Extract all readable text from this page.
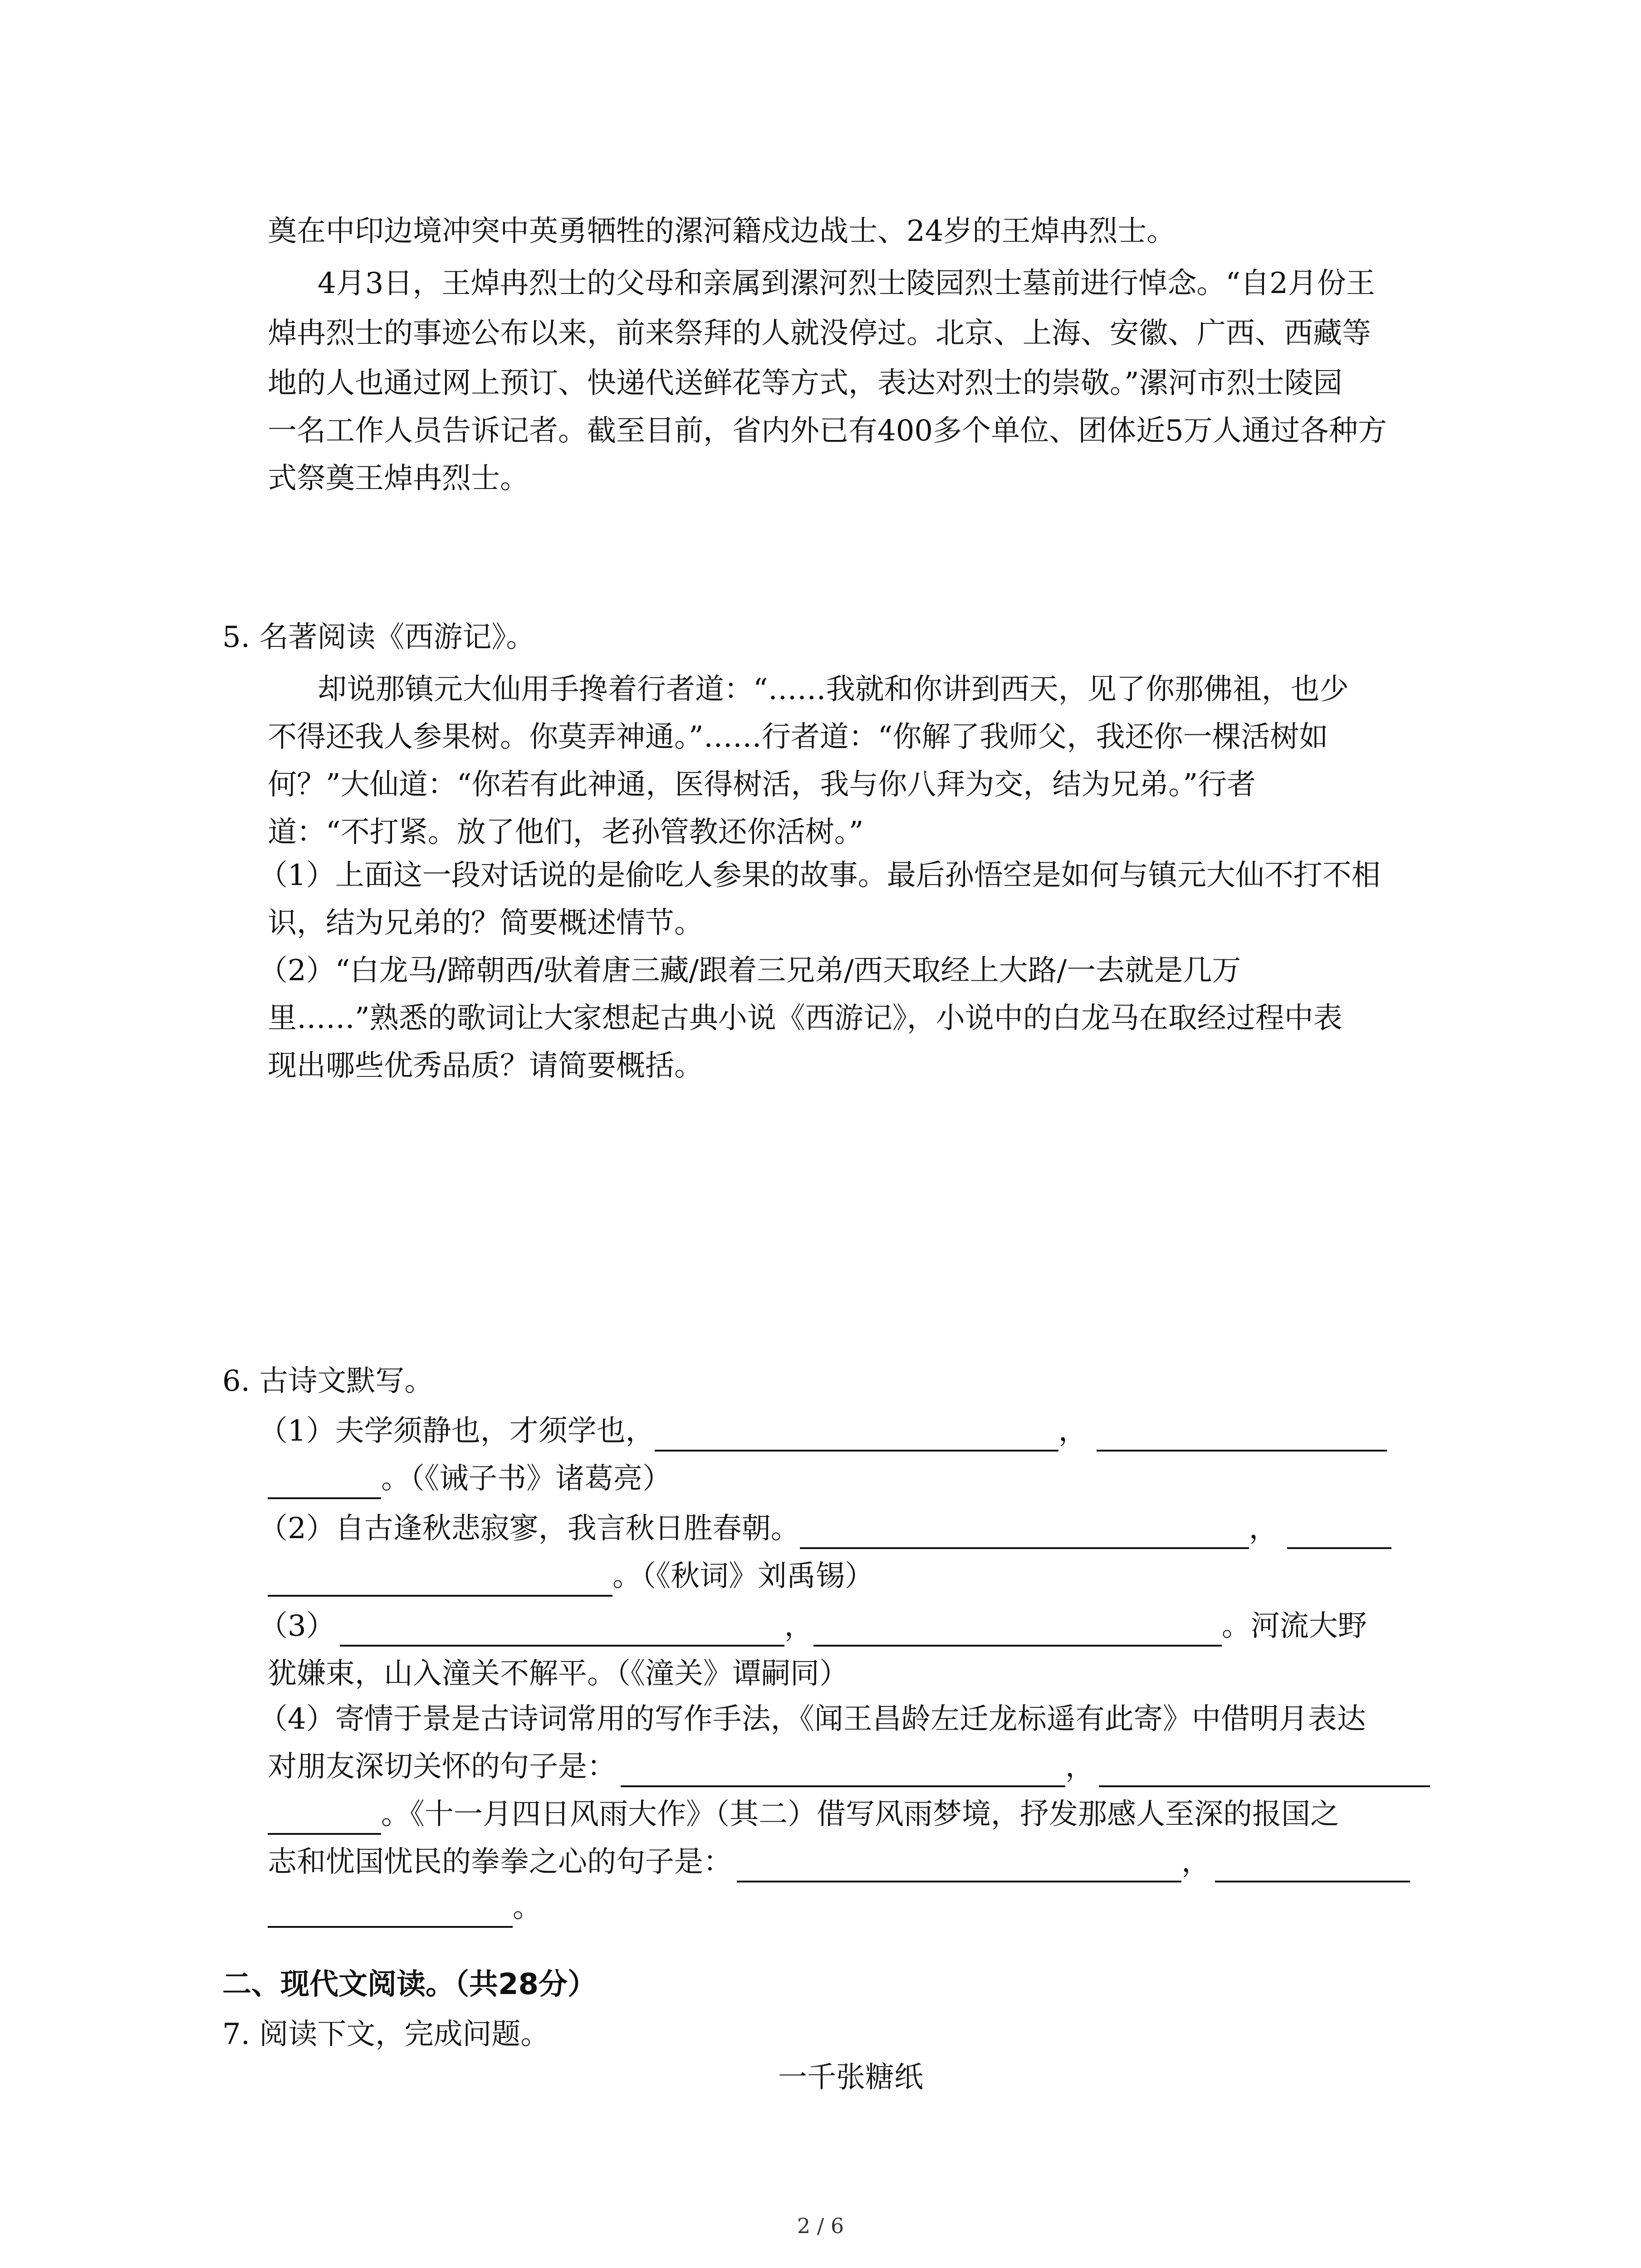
奠在中印边境冲突中英勇牺牲的漯河籍戍边战士、24岁的王焯冉烈士。
4月3日，王焯冉烈士的父母和亲属到漯河烈士陵园烈士墓前进行悼念。“自2月份王
焯冉烈士的事迹公布以来，前来祭拜的人就没停过。北京、上海、安徽、广西、西藏等
地的人也通过网上预订、快递代送鲜花等方式，表达对烈士的崇敬。”漯河市烈士陵园
一名工作人员告诉记者。截至目前，省内外已有400多个单位、团体近5万人通过各种方
式祭奠王焯冉烈士。
5. 名著阅读《西游记》。
却说那镇元大仙用手搀着行者道：“……我就和你讲到西天，见了你那佛祖，也少
不得还我人参果树。你莫弄神通。”……行者道：“你解了我师父，我还你一棵活树如
何？”大仙道：“你若有此神通，医得树活，我与你八拜为交，结为兄弟。”行者
道：“不打紧。放了他们，老孙管教还你活树。”
（1）上面这一段对话说的是偷吃人参果的故事。最后孙悟空是如何与镇元大仙不打不相
识，结为兄弟的？简要概述情节。
（2）“白龙马/蹄朝西/驮着唐三藏/跟着三兄弟/西天取经上大路/一去就是几万
里……”熟悉的歌词让大家想起古典小说《西游记》，小说中的白龙马在取经过程中表
现出哪些优秀品质？请简要概括。
6. 古诗文默写。
（1）夫学须静也，才须学也，	，
。（《诫子书》诸葛亮）
（2）自古逢秋悲寂寥，我言秋日胜春朝。	，
。（《秋词》刘禹锡）
（3）	，	。河流大野
犹嫌束，山入潼关不解平。（《潼关》谭嗣同）
（4）寄情于景是古诗词常用的写作手法，《闻王昌龄左迁龙标遥有此寄》中借明月表达
对朋友深切关怀的句子是：	，
。《十一月四日风雨大作》（其二）借写风雨梦境，抒发那感人至深的报国之
志和忧国忧民的拳拳之心的句子是：	，
。
二、现代文阅读。（共28分）
7. 阅读下文，完成问题。
一千张糖纸
2 / 6
